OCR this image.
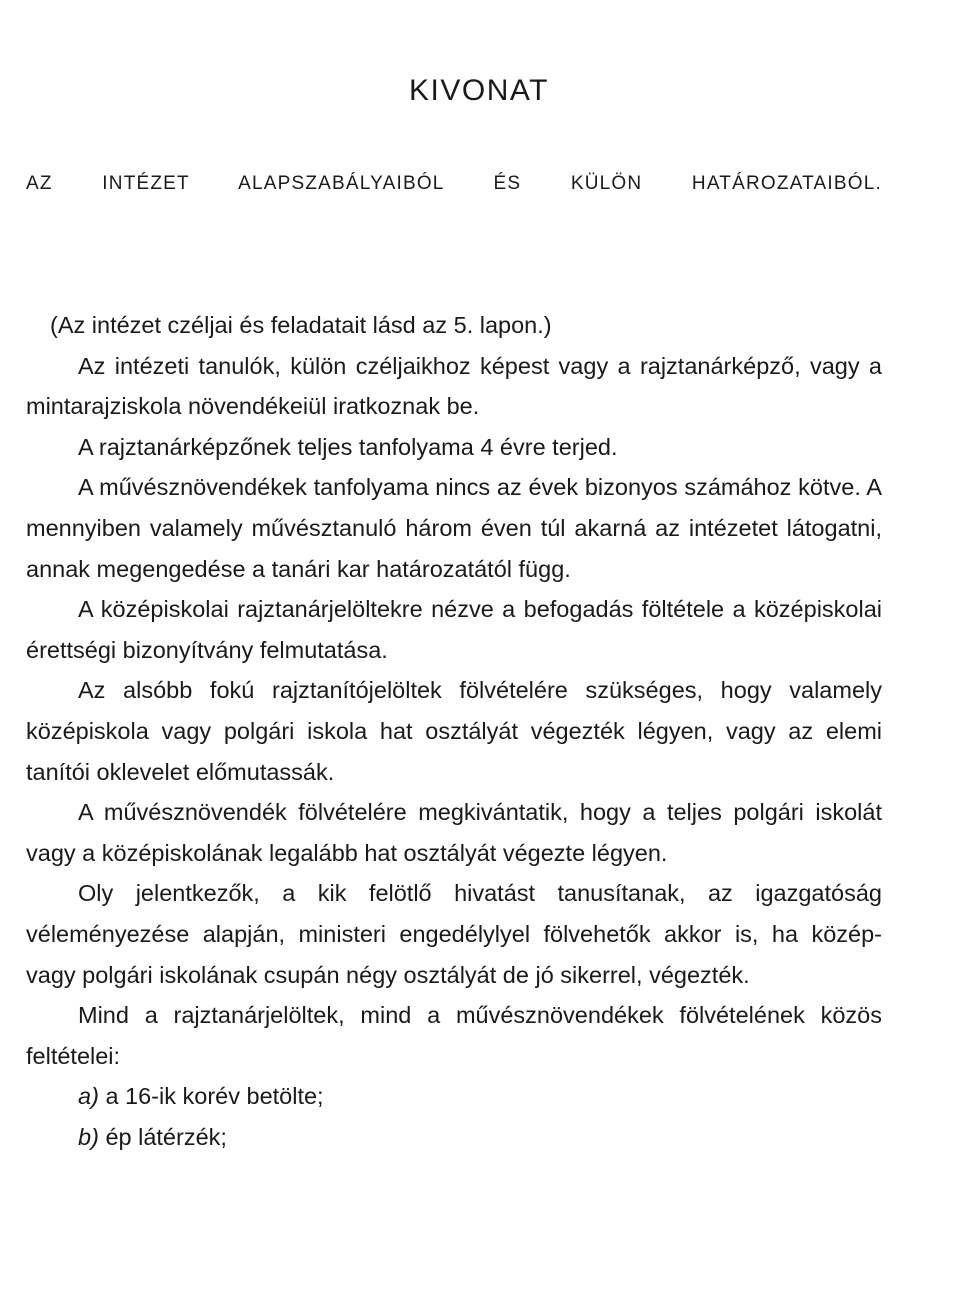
KIVONAT
AZ INTÉZET ALAPSZABÁLYAIBÓL ÉS KÜLÖN HATÁROZATAIBÓL.

(Az intézet czéljai és feladatait lásd az 5. lapon.)

Az intézeti tanulók, külön czéljaikhoz képest vagy a rajztanárképző, vagy a mintarajziskola növendékeiül iratkoznak be.

A rajztanárképzőnek teljes tanfolyama 4 évre terjed.

A művésznövendékek tanfolyama nincs az évek bizonyos számához kötve. A mennyiben valamely művésztanuló három éven túl akarná az intézetet látogatni, annak megengedése a tanári kar határozatától függ.

A középiskolai rajztanárjelöltekre nézve a befogadás föltétele a középiskolai érettségi bizonyítvány felmutatása.

Az alsóbb fokú rajztanítójelöltek fölvételére szükséges, hogy valamely középiskola vagy polgári iskola hat osztályát végezték légyen, vagy az elemi tanítói oklevelet előmutassák.

A művésznövendék fölvételére megkivántatik, hogy a teljes polgári iskolát vagy a középiskolának legalább hat osztályát végezte légyen.

Oly jelentkezők, a kik felötlő hivatást tanusítanak, az igazgatóság véleményezése alapján, ministeri engedélylyel fölvehetők akkor is, ha közép- vagy polgári iskolának csupán négy osztályát de jó sikerrel, végezték.

Mind a rajztanárjelöltek, mind a művésznövendékek fölvételének közös feltételei:

a) a 16-ik korév betölte;

b) ép látérzék;
